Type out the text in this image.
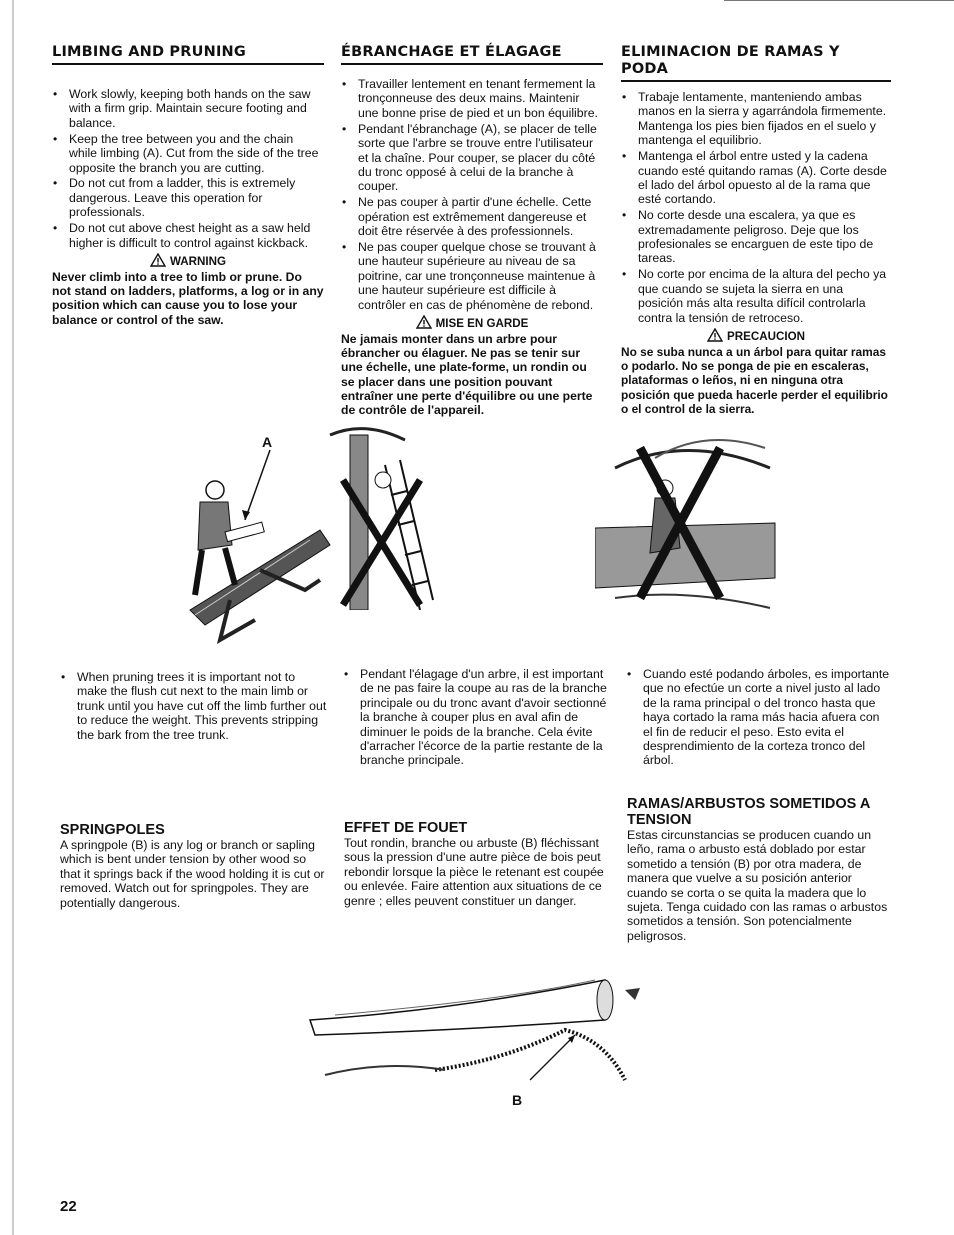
LIMBING AND PRUNING
• Work slowly, keeping both hands on the saw with a firm grip. Maintain secure footing and balance.
• Keep the tree between you and the chain while limbing (A). Cut from the side of the tree opposite the branch you are cutting.
• Do not cut from a ladder, this is extremely dangerous. Leave this operation for professionals.
• Do not cut above chest height as a saw held higher is difficult to control against kickback.
WARNING

Never climb into a tree to limb or prune. Do not stand on ladders, platforms, a log or in any position which can cause you to lose your balance or control of the saw.

ÉBRANCHAGE ET ÉLAGAGE
• Travailler lentement en tenant fermement la tronçonneuse des deux mains. Maintenir une bonne prise de pied et un bon équilibre.
• Pendant l'ébranchage (A), se placer de telle sorte que l'arbre se trouve entre l'utilisateur et la chaîne. Pour couper, se placer du côté du tronc opposé à celui de la branche à couper.
• Ne pas couper à partir d'une échelle. Cette opération est extrêmement dangereuse et doit être réservée à des professionnels.
• Ne pas couper quelque chose se trouvant à une hauteur supérieure au niveau de sa poitrine, car une tronçonneuse maintenue à une hauteur supérieure est difficile à contrôler en cas de phénomène de rebond.
MISE EN GARDE

Ne jamais monter dans un arbre pour ébrancher ou élaguer. Ne pas se tenir sur une échelle, une plate-forme, un rondin ou se placer dans une position pouvant entraîner une perte d'équilibre ou une perte de contrôle de l'appareil.

ELIMINACION DE RAMAS Y PODA
• Trabaje lentamente, manteniendo ambas manos en la sierra y agarrándola firmemente. Mantenga los pies bien fijados en el suelo y mantenga el equilibrio.
• Mantenga el árbol entre usted y la cadena cuando esté quitando ramas (A). Corte desde el lado del árbol opuesto al de la rama que esté cortando.
• No corte desde una escalera, ya que es extremadamente peligroso. Deje que los profesionales se encarguen de este tipo de tareas.
• No corte por encima de la altura del pecho ya que cuando se sujeta la sierra en una posición más alta resulta difícil controlarla contra la tensión de retroceso.
PRECAUCION

No se suba nunca a un árbol para quitar ramas o podarlo. No se ponga de pie en escaleras, plataformas o leños, ni en ninguna otra posición que pueda hacerle perder el equilibrio o el control de la sierra.

A
• When pruning trees it is important not to make the flush cut next to the main limb or trunk until you have cut off the limb further out to reduce the weight. This prevents stripping the bark from the tree trunk.
• Pendant l'élagage d'un arbre, il est important de ne pas faire la coupe au ras de la branche principale ou du tronc avant d'avoir sectionné la branche à couper plus en aval afin de diminuer le poids de la branche. Cela évite d'arracher l'écorce de la partie restante de la branche principale.
• Cuando esté podando árboles, es importante que no efectúe un corte a nivel justo al lado de la rama principal o del tronco hasta que haya cortado la rama más hacia afuera con el fin de reducir el peso. Esto evita el desprendimiento de la corteza tronco del árbol.
SPRINGPOLES

A springpole (B) is any log or branch or sapling which is bent under tension by other wood so that it springs back if the wood holding it is cut or removed. Watch out for springpoles. They are potentially dangerous.

EFFET DE FOUET

Tout rondin, branche ou arbuste (B) fléchissant sous la pression d'une autre pièce de bois peut rebondir lorsque la pièce le retenant est coupée ou enlevée. Faire attention aux situations de ce genre ; elles peuvent constituer un danger.

RAMAS/ARBUSTOS SOMETIDOS A TENSION

Estas circunstancias se producen cuando un leño, rama o arbusto está doblado por estar sometido a tensión (B) por otra madera, de manera que vuelve a su posición anterior cuando se corta o se quita la madera que lo sujeta. Tenga cuidado con las ramas o arbustos sometidos a tensión. Son potencialmente peligrosos.

B
22
